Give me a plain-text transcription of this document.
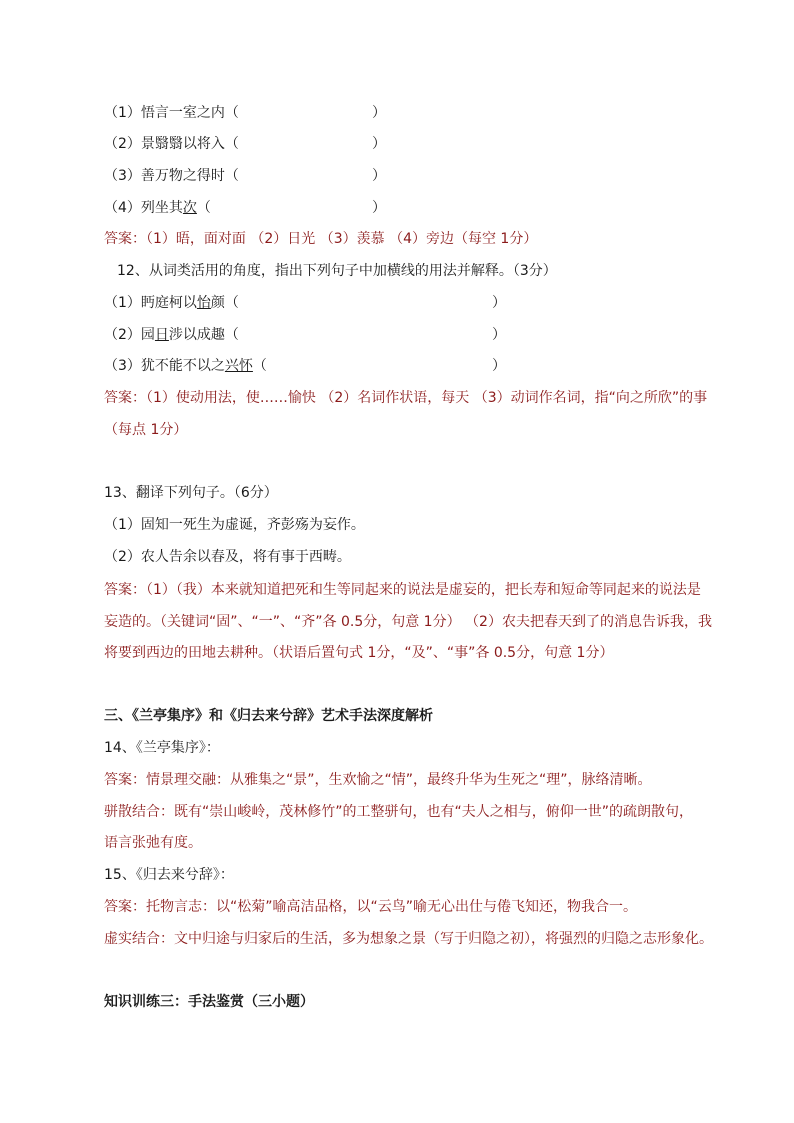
（1）悟言一室之内（	）
（2）景翳翳以将入（	）
（3）善万物之得时（	）
（4）列坐其次（	）
答案：（1）晤，面对面 （2）日光 （3）羡慕 （4）旁边（每空 1分）
12、从词类活用的角度，指出下列句子中加横线的用法并解释。（3分）
（1）眄庭柯以怡颜（	）
（2）园日涉以成趣（	）
（3）犹不能不以之兴怀（	）
答案：（1）使动用法，使……愉快 （2）名词作状语，每天 （3）动词作名词，指“向之所欣”的事
（每点 1分）
13、翻译下列句子。（6分）
（1）固知一死生为虚诞，齐彭殇为妄作。
（2）农人告余以春及，将有事于西畴。
答案：（1）（我）本来就知道把死和生等同起来的说法是虚妄的，把长寿和短命等同起来的说法是
妄造的。（关键词“固”、“一”、“齐”各 0.5分，句意 1分） （2）农夫把春天到了的消息告诉我，我
将要到西边的田地去耕种。（状语后置句式 1分，“及”、“事”各 0.5分，句意 1分）
三、《兰亭集序》和《归去来兮辞》艺术手法深度解析
14、《兰亭集序》：
答案：情景理交融：从雅集之“景”，生欢愉之“情”，最终升华为生死之“理”，脉络清晰。
骈散结合：既有“崇山峻岭，茂林修竹”的工整骈句，也有“夫人之相与，俯仰一世”的疏朗散句，
语言张弛有度。
15、《归去来兮辞》：
答案：托物言志：以“松菊”喻高洁品格，以“云鸟”喻无心出仕与倦飞知还，物我合一。
虚实结合：文中归途与归家后的生活，多为想象之景（写于归隐之初），将强烈的归隐之志形象化。
知识训练三：手法鉴赏（三小题）
